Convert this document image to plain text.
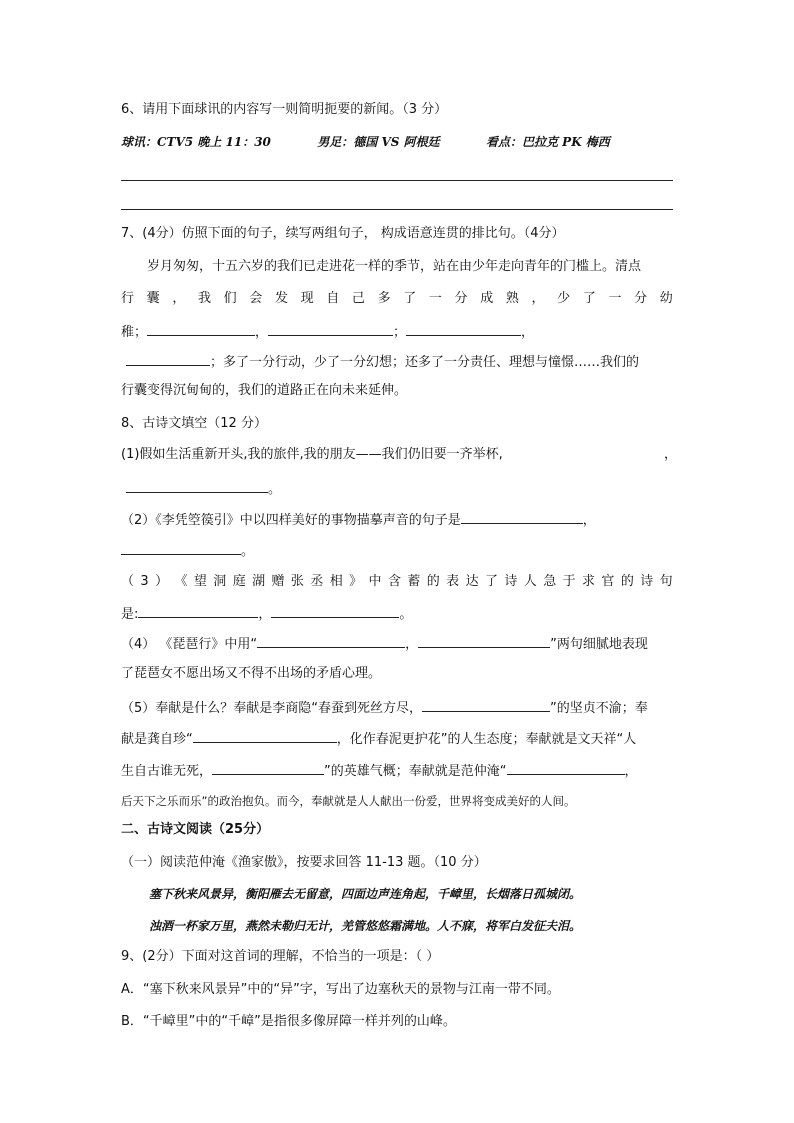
6、请用下面球讯的内容写一则简明扼要的新闻。（3 分）
球讯：CTV5 晚上 11：30	男足：德国 VS 阿根廷	看点：巴拉克 PK 梅西
7、(4分）仿照下面的句子，续写两组句子， 构成语意连贯的排比句。（4分）
岁月匆匆，十五六岁的我们已走进花一样的季节，站在由少年走向青年的门槛上。清点
行 囊 ， 我 们 会 发 现 自 己 多 了 一 分 成 熟 ， 少 了 一 分 幼
稚；	，	；	，
；多了一分行动，少了一分幻想；还多了一分责任、理想与憧憬……我们的
行囊变得沉甸甸的，我们的道路正在向未来延伸。
8、古诗文填空（12 分）
(1)假如生活重新开头,我的旅伴,我的朋友——我们仍旧要一齐举杯,	，
。
（2）《李凭箜篌引》中以四样美好的事物描摹声音的句子是	，
。
（ 3 ） 《 望 洞 庭 湖 赠 张 丞 相 》 中 含 蓄 的 表 达 了 诗 人 急 于 求 官 的 诗 句
是:	，	。
（4） 《琵琶行》中用“	，	”两句细腻地表现
了琵琶女不愿出场又不得不出场的矛盾心理。
（5）奉献是什么？奉献是李商隐“春蚕到死丝方尽，	”的坚贞不渝；奉
献是龚自珍“	，化作春泥更护花”的人生态度；奉献就是文天祥“人
生自古谁无死，	”的英雄气概；奉献就是范仲淹“	，
后天下之乐而乐”的政治抱负。而今，奉献就是人人献出一份爱，世界将变成美好的人间。
二、古诗文阅读（25分）
（一）阅读范仲淹《渔家傲》，按要求回答 11-13 题。（10 分）
塞下秋来风景异，衡阳雁去无留意，四面边声连角起，千嶂里，长烟落日孤城闭。
浊酒一杯家万里，燕然未勒归无计，羌管悠悠霜满地。人不寐，将军白发征夫泪。
9、(2分）下面对这首词的理解，不恰当的一项是：（ ）
A．“塞下秋来风景异”中的“异”字，写出了边塞秋天的景物与江南一带不同。
B．“千嶂里”中的“千嶂”是指很多像屏障一样并列的山峰。
